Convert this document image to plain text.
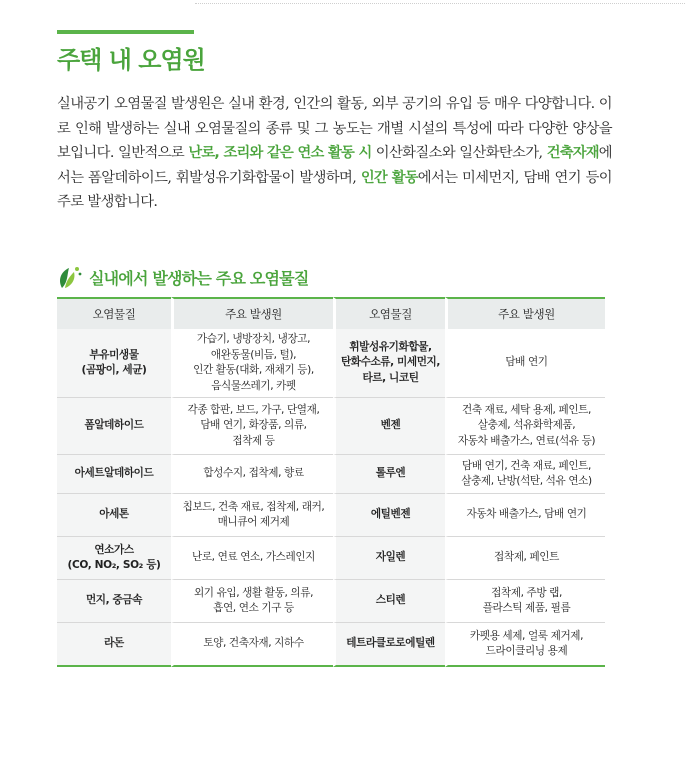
주택 내 오염원

실내공기 오염물질 발생원은 실내 환경, 인간의 활동, 외부 공기의 유입 등 매우 다양합니다. 이로 인해 발생하는 실내 오염물질의 종류 및 그 농도는 개별 시설의 특성에 따라 다양한 양상을 보입니다. 일반적으로 난로, 조리와 같은 연소 활동 시 이산화질소와 일산화탄소가, 건축자재에서는 폼알데하이드, 휘발성유기화합물이 발생하며, 인간 활동에서는 미세먼지, 담배 연기 등이 주로 발생합니다.

실내에서 발생하는 주요 오염물질
오염물질	주요 발생원	오염물질	주요 발생원

부유미생물
(곰팡이, 세균)	가습기, 냉방장치, 냉장고,
애완동물(비듬, 털),
인간 활동(대화, 재채기 등),
음식물쓰레기, 카펫	휘발성유기화합물,
탄화수소류, 미세먼지,
타르, 니코틴	담배 연기

폼알데하이드	각종 합판, 보드, 가구, 단열재,
담배 연기, 화장품, 의류,
접착제 등	벤젠	건축 재료, 세탁 용제, 페인트,
살충제, 석유화학제품,
자동차 배출가스, 연료(석유 등)

아세트알데하이드	합성수지, 접착제, 향료	톨루엔	담배 연기, 건축 재료, 페인트,
살충제, 난방(석탄, 석유 연소)

아세톤	칩보드, 건축 재료, 접착제, 래커,
매니큐어 제거제	에틸벤젠	자동차 배출가스, 담배 연기

연소가스
(CO, NO₂, SO₂ 등)	난로, 연료 연소, 가스레인지	자일렌	접착제, 페인트

먼지, 중금속	외기 유입, 생활 활동, 의류,
흡연, 연소 기구 등	스티렌	접착제, 주방 랩,
플라스틱 제품, 필름

라돈	토양, 건축자재, 지하수	테트라클로로에틸렌	카펫용 세제, 얼룩 제거제,
드라이클리닝 용제
